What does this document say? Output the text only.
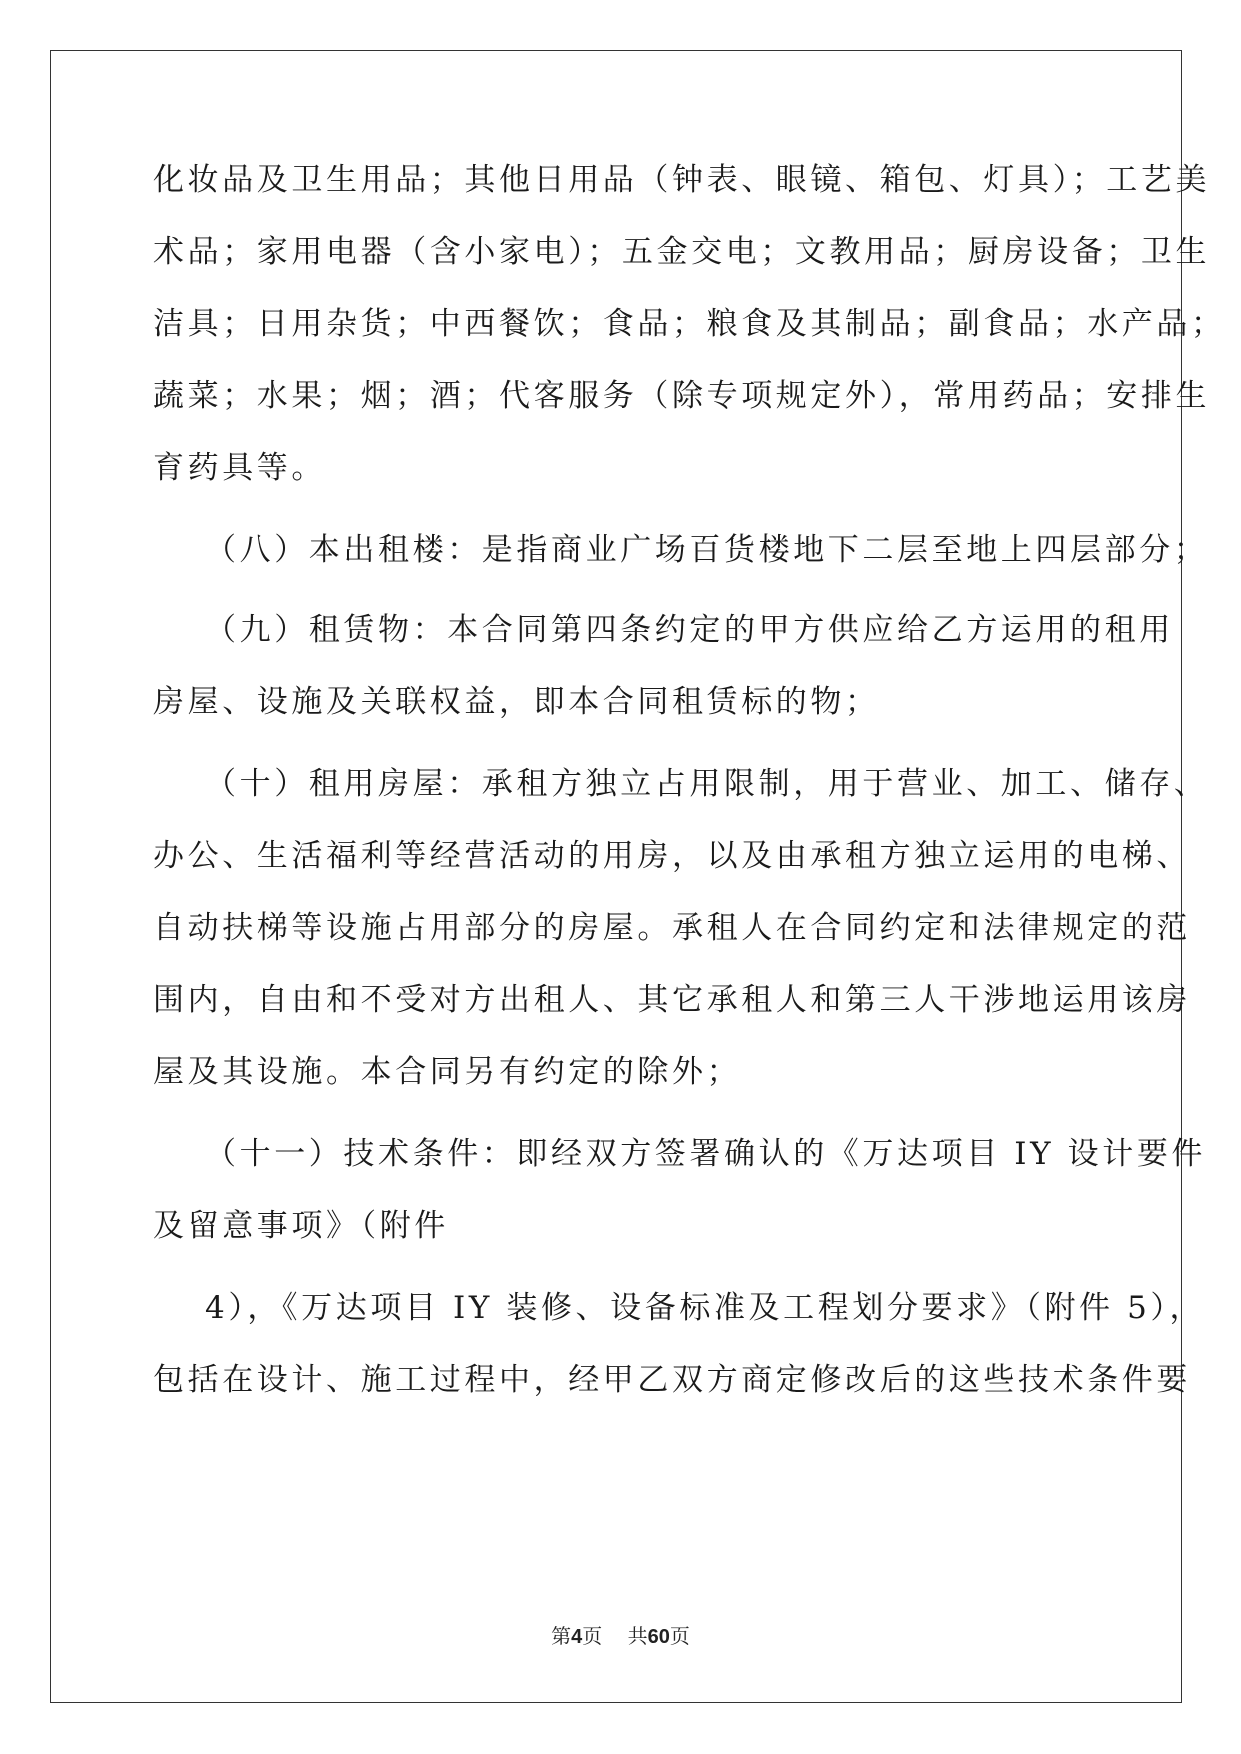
化妆品及卫生用品；其他日用品（钟表、眼镜、箱包、灯具）；工艺美
术品；家用电器（含小家电）；五金交电；文教用品；厨房设备；卫生
洁具；日用杂货；中西餐饮；食品；粮食及其制品；副食品；水产品；
蔬菜；水果；烟；酒；代客服务（除专项规定外），常用药品；安排生
育药具等。
（八）本出租楼：是指商业广场百货楼地下二层至地上四层部分；
（九）租赁物：本合同第四条约定的甲方供应给乙方运用的租用
房屋、设施及关联权益，即本合同租赁标的物；
（十）租用房屋：承租方独立占用限制，用于营业、加工、储存、
办公、生活福利等经营活动的用房，以及由承租方独立运用的电梯、
自动扶梯等设施占用部分的房屋。承租人在合同约定和法律规定的范
围内，自由和不受对方出租人、其它承租人和第三人干涉地运用该房
屋及其设施。本合同另有约定的除外；
（十一）技术条件：即经双方签署确认的《万达项目 IY 设计要件
及留意事项》（附件
4），《万达项目 IY 装修、设备标准及工程划分要求》（附件 5），
包括在设计、施工过程中，经甲乙双方商定修改后的这些技术条件要
第4页 共60页
